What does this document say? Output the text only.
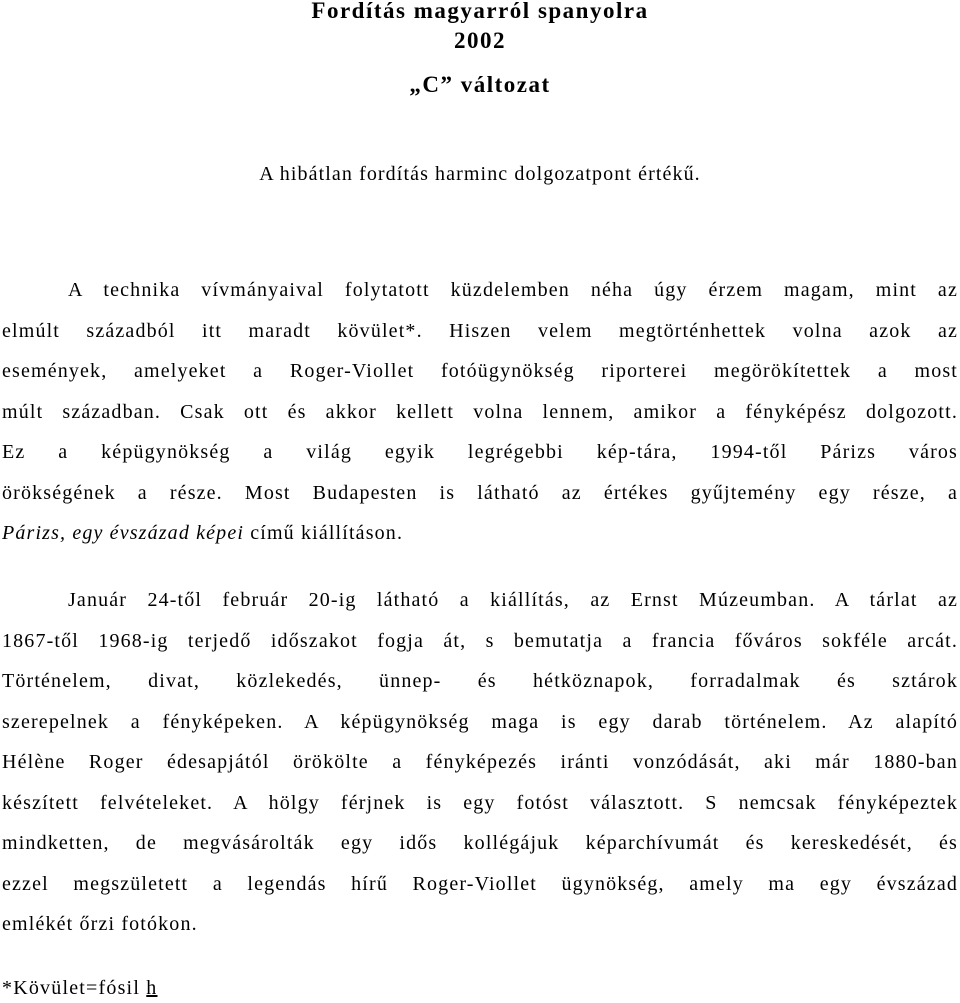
Fordítás magyarról spanyolra
2002
„C” változat

A hibátlan fordítás harminc dolgozatpont értékű.

A technika vívmányaival folytatott küzdelemben néha úgy érzem magam, mint az
elmúlt századból itt maradt kövület*. Hiszen velem megtörténhettek volna azok az
események, amelyeket a Roger-Viollet fotóügynökség riporterei megörökítettek a most
múlt században. Csak ott és akkor kellett volna lennem, amikor a fényképész dolgozott.
Ez a képügynökség a világ egyik legrégebbi kép-tára, 1994-től Párizs város
örökségének a része. Most Budapesten is látható az értékes gyűjtemény egy része, a
Párizs, egy évszázad képei című kiállításon.
Január 24-től február 20-ig látható a kiállítás, az Ernst Múzeumban. A tárlat az
1867-től 1968-ig terjedő időszakot fogja át, s bemutatja a francia főváros sokféle arcát.
Történelem, divat, közlekedés, ünnep- és hétköznapok, forradalmak és sztárok
szerepelnek a fényképeken. A képügynökség maga is egy darab történelem. Az alapító
Hélène Roger édesapjától örökölte a fényképezés iránti vonzódását, aki már 1880-ban
készített felvételeket. A hölgy férjnek is egy fotóst választott. S nemcsak fényképeztek
mindketten, de megvásárolták egy idős kollégájuk képarchívumát és kereskedését, és
ezzel megszületett a legendás hírű Roger-Viollet ügynökség, amely ma egy évszázad
emlékét őrzi fotókon.

*Kövület=fósil h
